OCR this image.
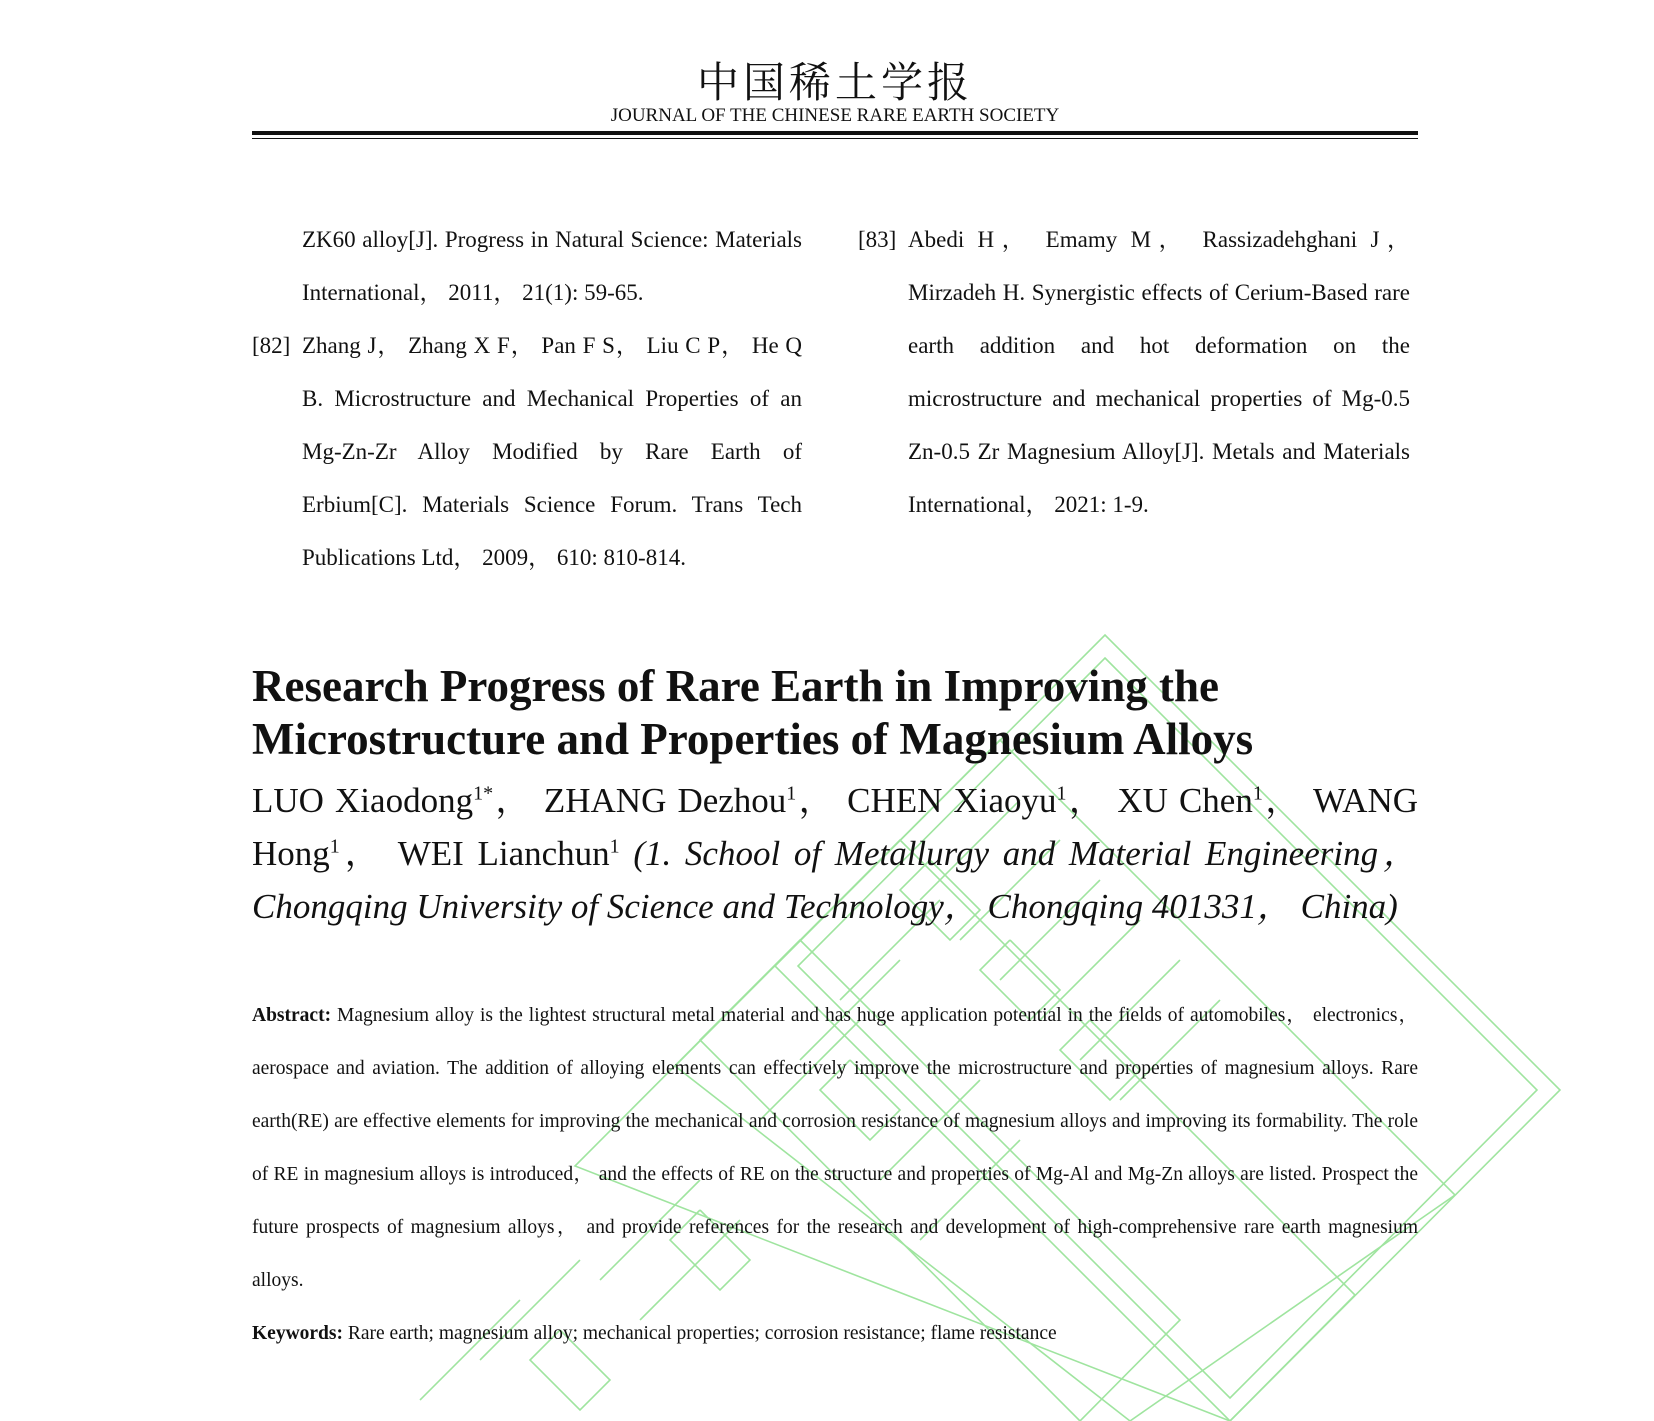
中国稀土学报
JOURNAL OF THE CHINESE RARE EARTH SOCIETY
ZK60 alloy[J]. Progress in Natural Science: Materials International， 2011， 21(1): 59-65.
[82] Zhang J， Zhang X F， Pan F S， Liu C P， He Q B. Microstructure and Mechanical Properties of an Mg-Zn-Zr Alloy Modified by Rare Earth of Erbium[C]. Materials Science Forum. Trans Tech Publications Ltd， 2009， 610: 810-814.
[83] Abedi H， Emamy M， Rassizadehghani J， Mirzadeh H. Synergistic effects of Cerium-Based rare earth addition and hot deformation on the microstructure and mechanical properties of Mg-0.5 Zn-0.5 Zr Magnesium Alloy[J]. Metals and Materials International， 2021: 1-9.
Research Progress of Rare Earth in Improving the Microstructure and Properties of Magnesium Alloys
LUO Xiaodong$^{1*}$， ZHANG Dezhou$^1$， CHEN Xiaoyu$^1$， XU Chen$^1$， WANG Hong$^1$， WEI Lianchun$^1$ (1. School of Metallurgy and Material Engineering， Chongqing University of Science and Technology， Chongqing 401331， China)
Abstract: Magnesium alloy is the lightest structural metal material and has huge application potential in the fields of automobiles， electronics， aerospace and aviation. The addition of alloying elements can effectively improve the microstructure and properties of magnesium alloys. Rare earth(RE) are effective elements for improving the mechanical and corrosion resistance of magnesium alloys and improving its formability. The role of RE in magnesium alloys is introduced， and the effects of RE on the structure and properties of Mg-Al and Mg-Zn alloys are listed. Prospect the future prospects of magnesium alloys， and provide references for the research and development of high-comprehensive rare earth magnesium alloys.
Keywords: Rare earth; magnesium alloy; mechanical properties; corrosion resistance; flame resistance
